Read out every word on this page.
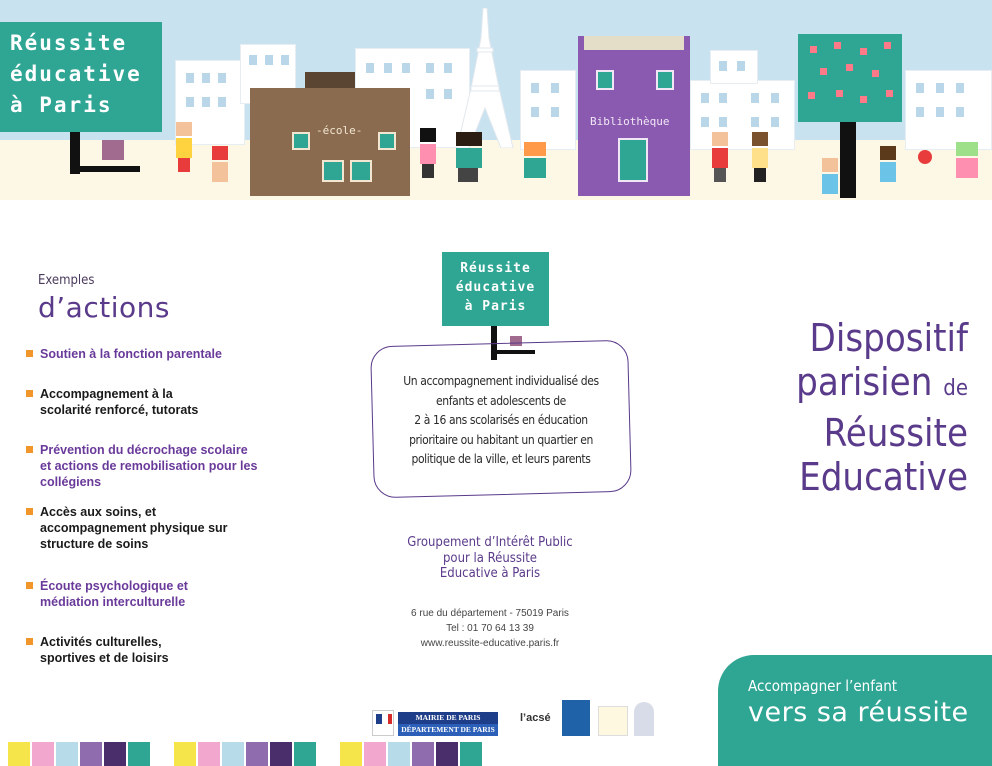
Réussite
éducative
à Paris
-école-
Bibliothèque
Exemples
d’actions
Soutien à la fonction parentale
Accompagnement à la
scolarité renforcé, tutorats
Prévention du décrochage scolaire
et actions de remobilisation pour les
collégiens
Accès aux soins, et
accompagnement physique sur
structure de soins
Écoute psychologique et
médiation interculturelle
Activités culturelles,
sportives et de loisirs
Réussite
éducative
à Paris
Un accompagnement individualisé des
enfants et adolescents de
2 à 16 ans scolarisés en éducation
prioritaire ou habitant un quartier en
politique de la ville, et leurs parents
Groupement d’Intérêt Public
pour la Réussite
Educative à Paris
6 rue du département - 75019 Paris
Tel : 01 70 64 13 39
www.reussite-educative.paris.fr
MAIRIE DE PARIS
DÉPARTEMENT DE PARIS
l’acsé
Dispositif
parisien de
Réussite
Educative
Accompagner l’enfant
vers sa réussite
